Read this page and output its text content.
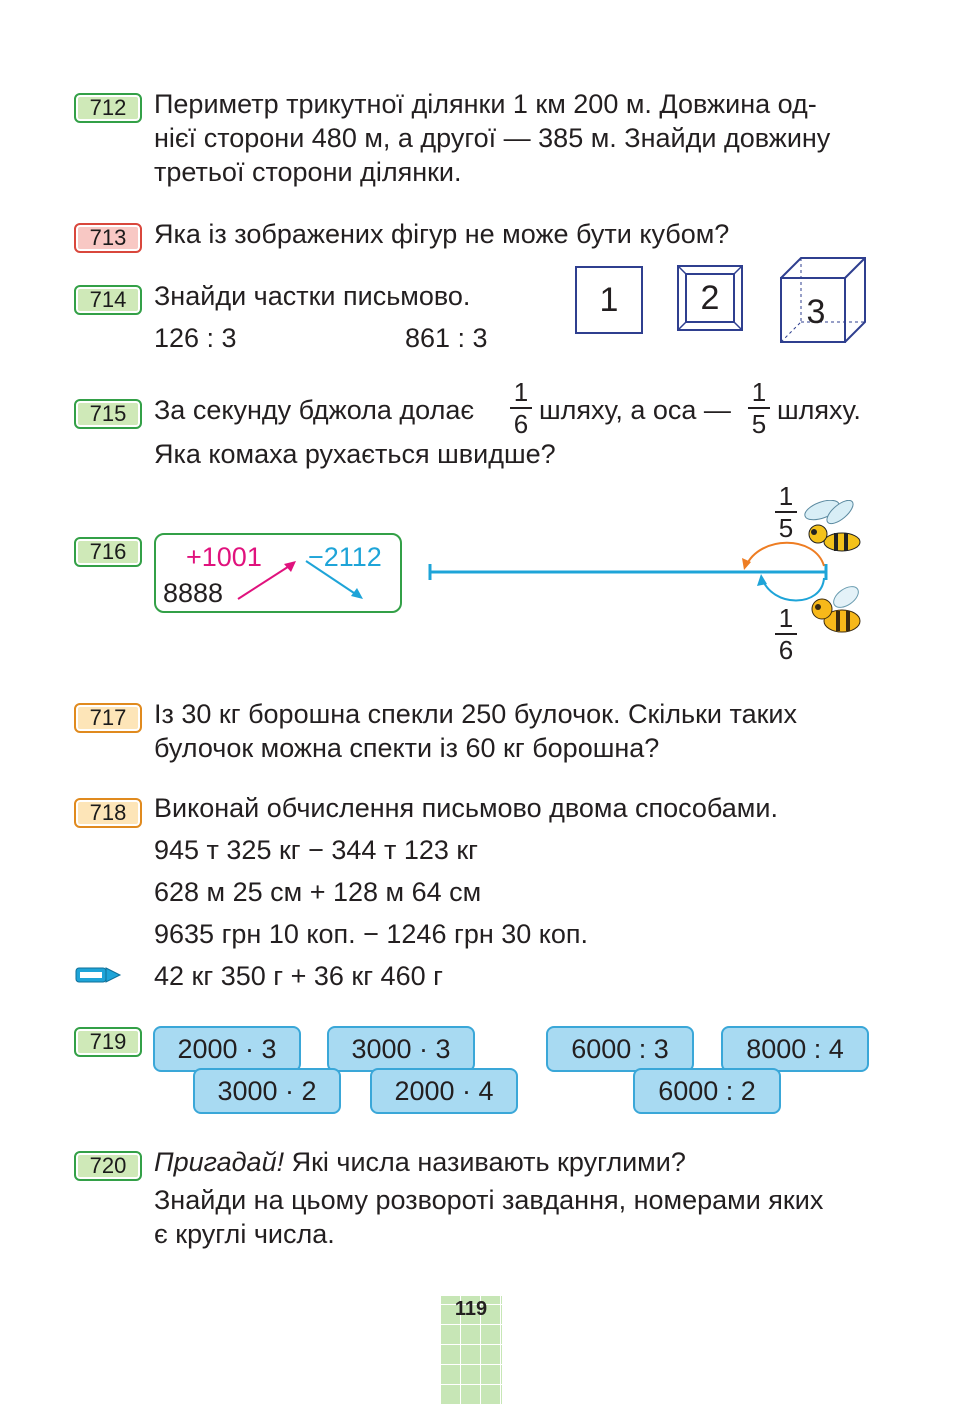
712	Периметр трикутної ділянки 1 км 200 м. Довжина од-
нієї сторони 480 м, а другої — 385 м. Знайди довжину
третьої сторони ділянки.
713	Яка із зображених фігур не може бути кубом?
714	Знайди частки письмово.
126 : 3	861 : 3
1 2	3
715	За секунду бджола долає
1
6 шляху, а оса —
1
5 шляху.
Яка комаха рухається швидше?
716	+1001 −2112
8888
1
5
1
6
717	Із 30 кг борошна спекли 250 булочок. Скільки таких
булочок можна спекти із 60 кг борошна?
718	Виконай обчислення письмово двома способами.
945 т 325 кг − 344 т 123 кг
628 м 25 см + 128 м 64 см
9635 грн 10 коп. − 1246 грн 30 коп.
42 кг 350 г + 36 кг 460 г
719	2000 · 3	3000 · 3
3000 · 2	2000 · 4
6000 : 3	8000 : 4
6000 : 2
720	Пригадай! Які числа називають круглими?
Знайди на цьому розвороті завдання, номерами яких
є круглі числа.
119
